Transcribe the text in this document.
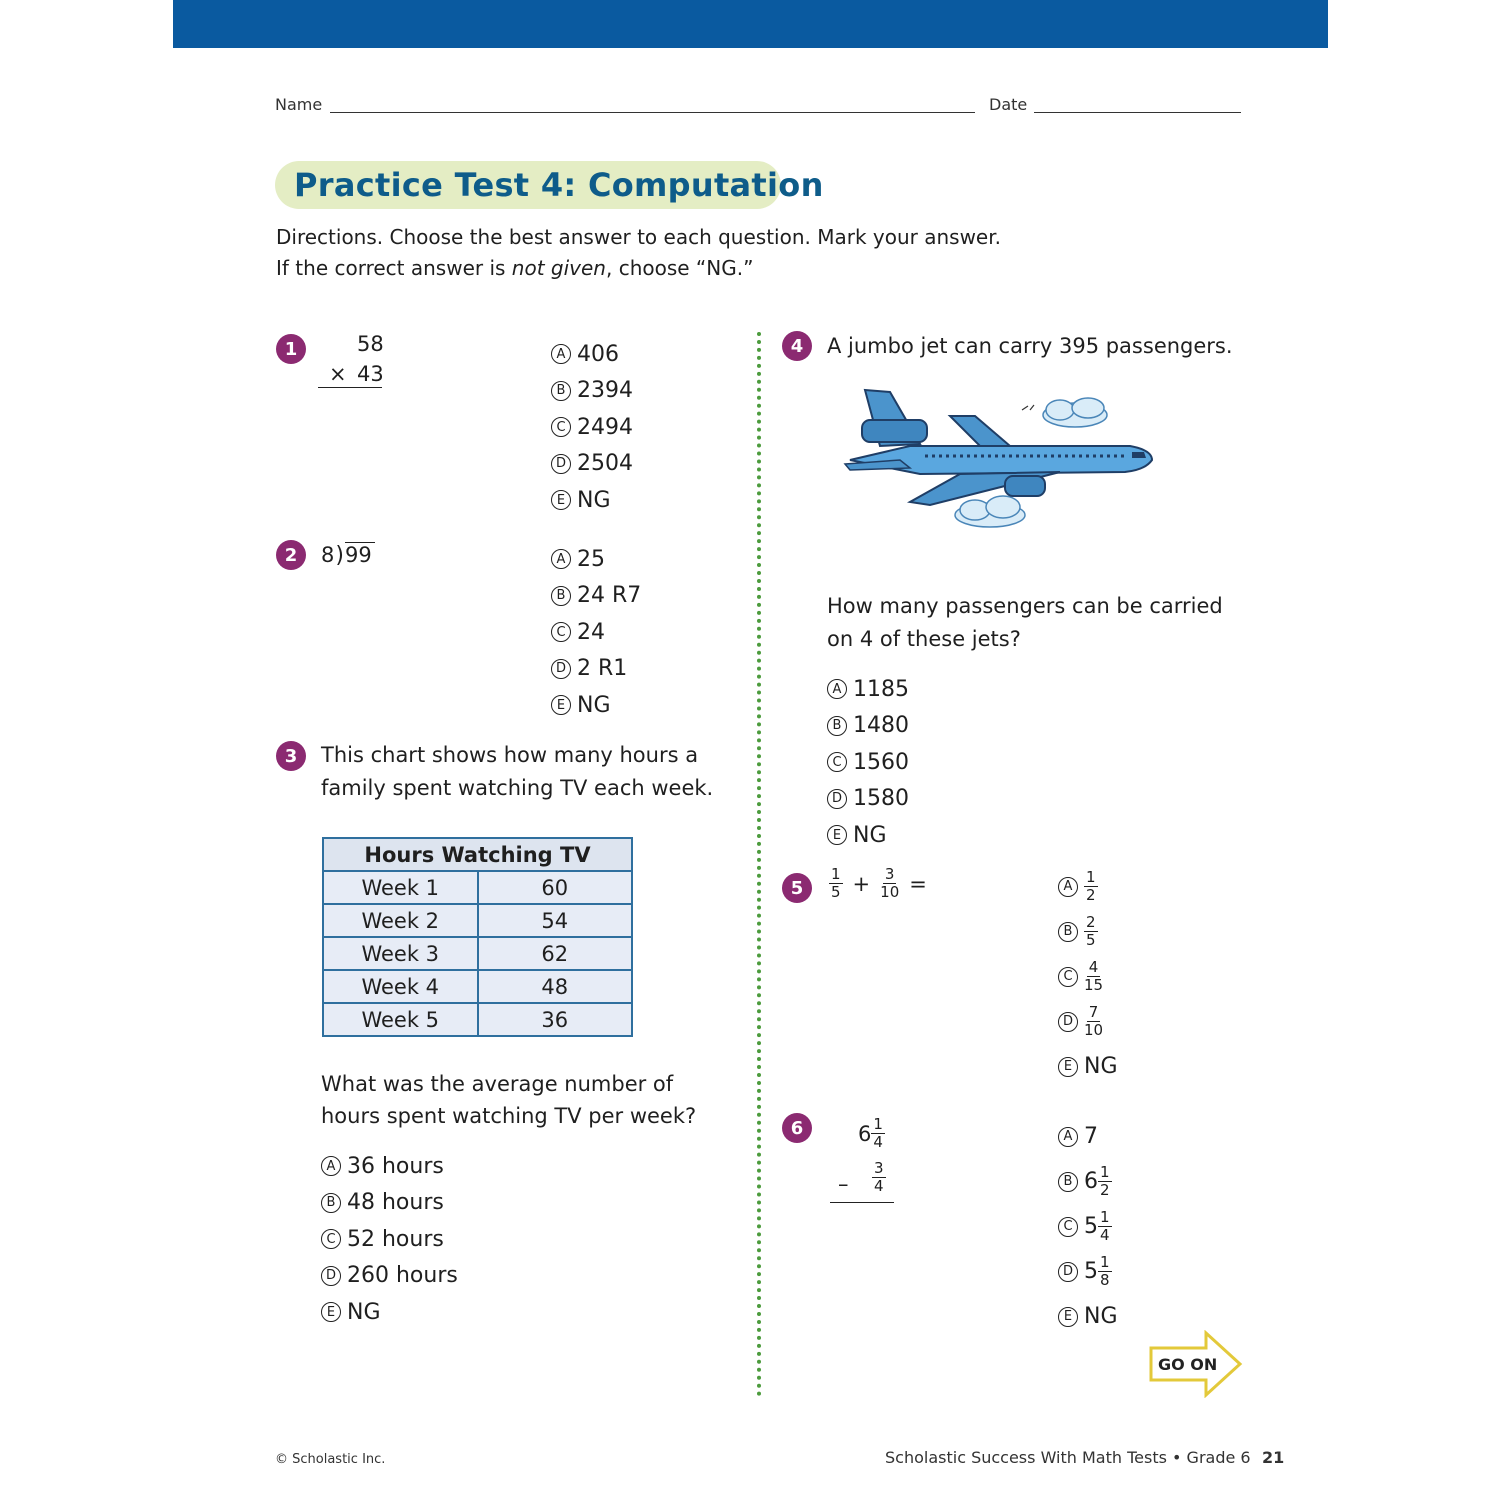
Name	Date
Practice Test 4: Computation
Directions. Choose the best answer to each question. Mark your answer.
If the correct answer is not given, choose “NG.”
1	58
× 43
A 406
B 2394
C 2494
D 2504
E NG
2	8 ) 99	A 25
B 24 R7
C 24
D 2 R1
E NG
3	This chart shows how many hours a
family spent watching TV each week.
Hours Watching TV	
Week 1	60
Week 2	54
Week 3	62
Week 4	48
Week 5	36
What was the average number of
hours spent watching TV per week?
A 36 hours
B 48 hours
C 52 hours
D 260 hours
E NG
4	A jumbo jet can carry 395 passengers.
How many passengers can be carried
on 4 of these jets?
A 1185
B 1480
C 1560
D 1580
E NG
5	$\frac{1}{5} + \frac{3}{10}$ =	A $\frac{1}{2}$
B $\frac{2}{5}$
C $\frac{4}{15}$
D $\frac{7}{10}$
E NG
6	$6 \frac{1}{4}$
– $\frac{3}{4}$
A 7
B $6 \frac{1}{2}$
C $5 \frac{1}{4}$
D $5 \frac{1}{8}$
E NG
GO ON
© Scholastic Inc.	Scholastic Success With Math Tests • Grade 6 21
